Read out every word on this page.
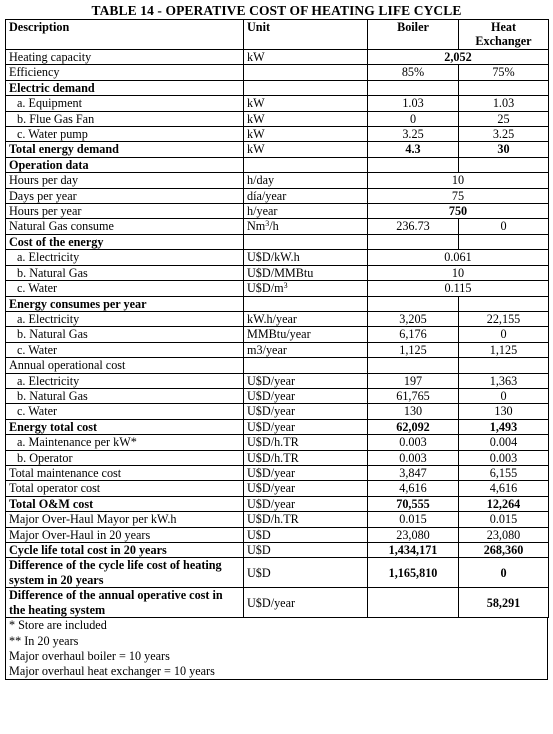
TABLE 14 - OPERATIVE COST OF HEATING LIFE CYCLE
Description	Unit	Boiler	Heat Exchanger
Heating capacity	kW	2,052	
Efficiency		85%	75%
Electric demand			
a. Equipment	kW	1.03	1.03
b. Flue Gas Fan	kW	0	25
c. Water pump	kW	3.25	3.25
Total energy demand	kW	4.3	30
Operation data			
Hours per day	h/day	10	
Days per year	día/year	75	
Hours per year	h/year	750	
Natural Gas consume	Nm$^3$/h	236.73	0
Cost of the energy			
a. Electricity	U$D/kW.h	0.061	
b. Natural Gas	U$D/MMBtu	10	
c. Water	$U\$D/m^3$	0.115	
Energy consumes per year			
a. Electricity	kW.h/year	3,205	22,155
b. Natural Gas	MMBtu/year	6,176	0
c. Water	m3/year	1,125	1,125
Annual operational cost			
a. Electricity	U$D/year	197	1,363
b. Natural Gas	U$D/year	61,765	0
c. Water	U$D/year	130	130
Energy total cost	U$D/year	62,092	1,493
a. Maintenance per kW*	U$D/h.TR	0.003	0.004
b. Operator	U$D/h.TR	0.003	0.003
Total maintenance cost	U$D/year	3,847	6,155
Total operator cost	U$D/year	4,616	4,616
Total O&M cost	U$D/year	70,555	12,264
Major Over-Haul Mayor per kW.h	U$D/h.TR	0.015	0.015
Major Over-Haul in 20 years	U$D	23,080	23,080
Cycle life total cost in 20 years	U$D	1,434,171	268,360
Difference of the cycle life cost of heating system in 20 years	U$D	1,165,810	0
Difference of the annual operative cost in the heating system	U$D/year		58,291
* Store are included
** In 20 years
Major overhaul boiler = 10 years
Major overhaul heat exchanger = 10 years
